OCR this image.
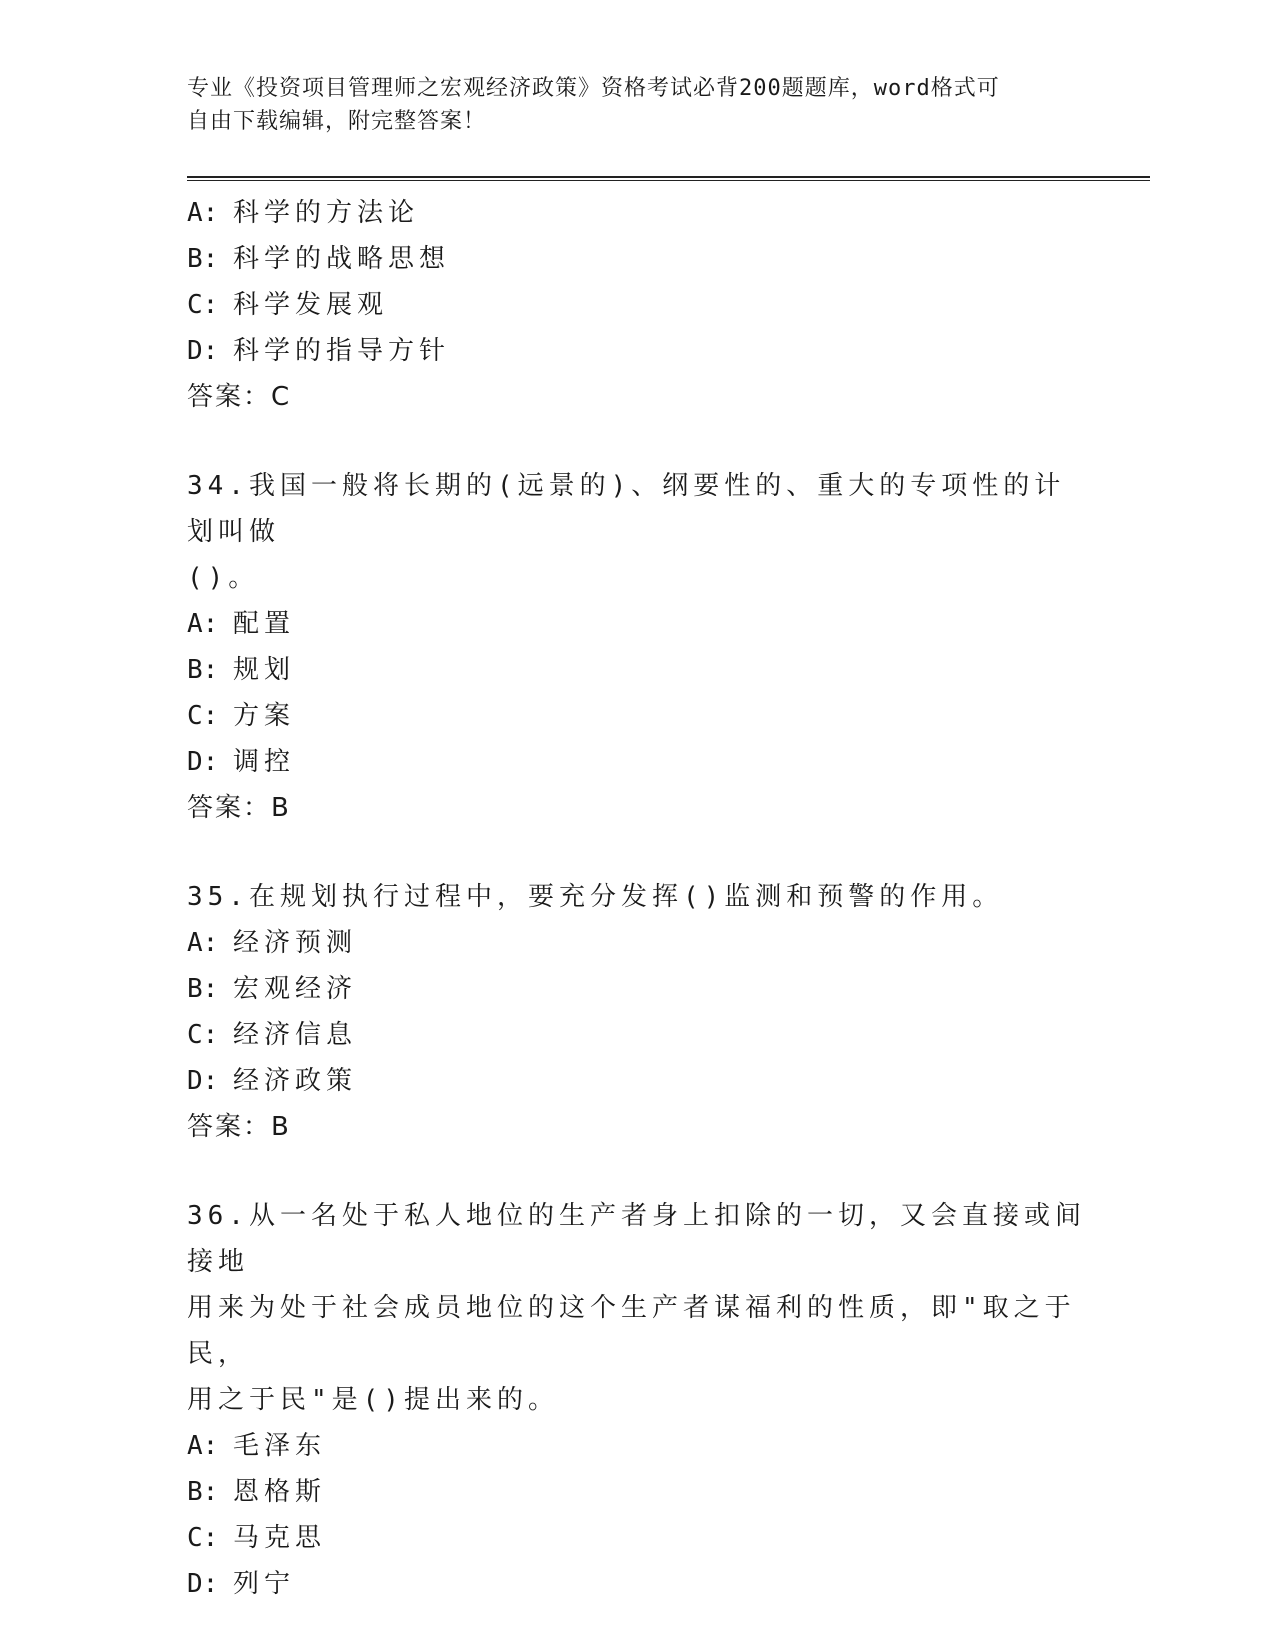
专业《投资项目管理师之宏观经济政策》资格考试必背200题题库，word格式可
自由下载编辑，附完整答案！
A: 科学的方法论
B: 科学的战略思想
C: 科学发展观
D: 科学的指导方针
答案：C
34.我国一般将长期的(远景的)、纲要性的、重大的专项性的计划叫做
()。
A: 配置
B: 规划
C: 方案
D: 调控
答案：B
35.在规划执行过程中，要充分发挥()监测和预警的作用。
A: 经济预测
B: 宏观经济
C: 经济信息
D: 经济政策
答案：B
36.从一名处于私人地位的生产者身上扣除的一切，又会直接或间接地
用来为处于社会成员地位的这个生产者谋福利的性质，即"取之于民，
用之于民"是()提出来的。
A: 毛泽东
B: 恩格斯
C: 马克思
D: 列宁
